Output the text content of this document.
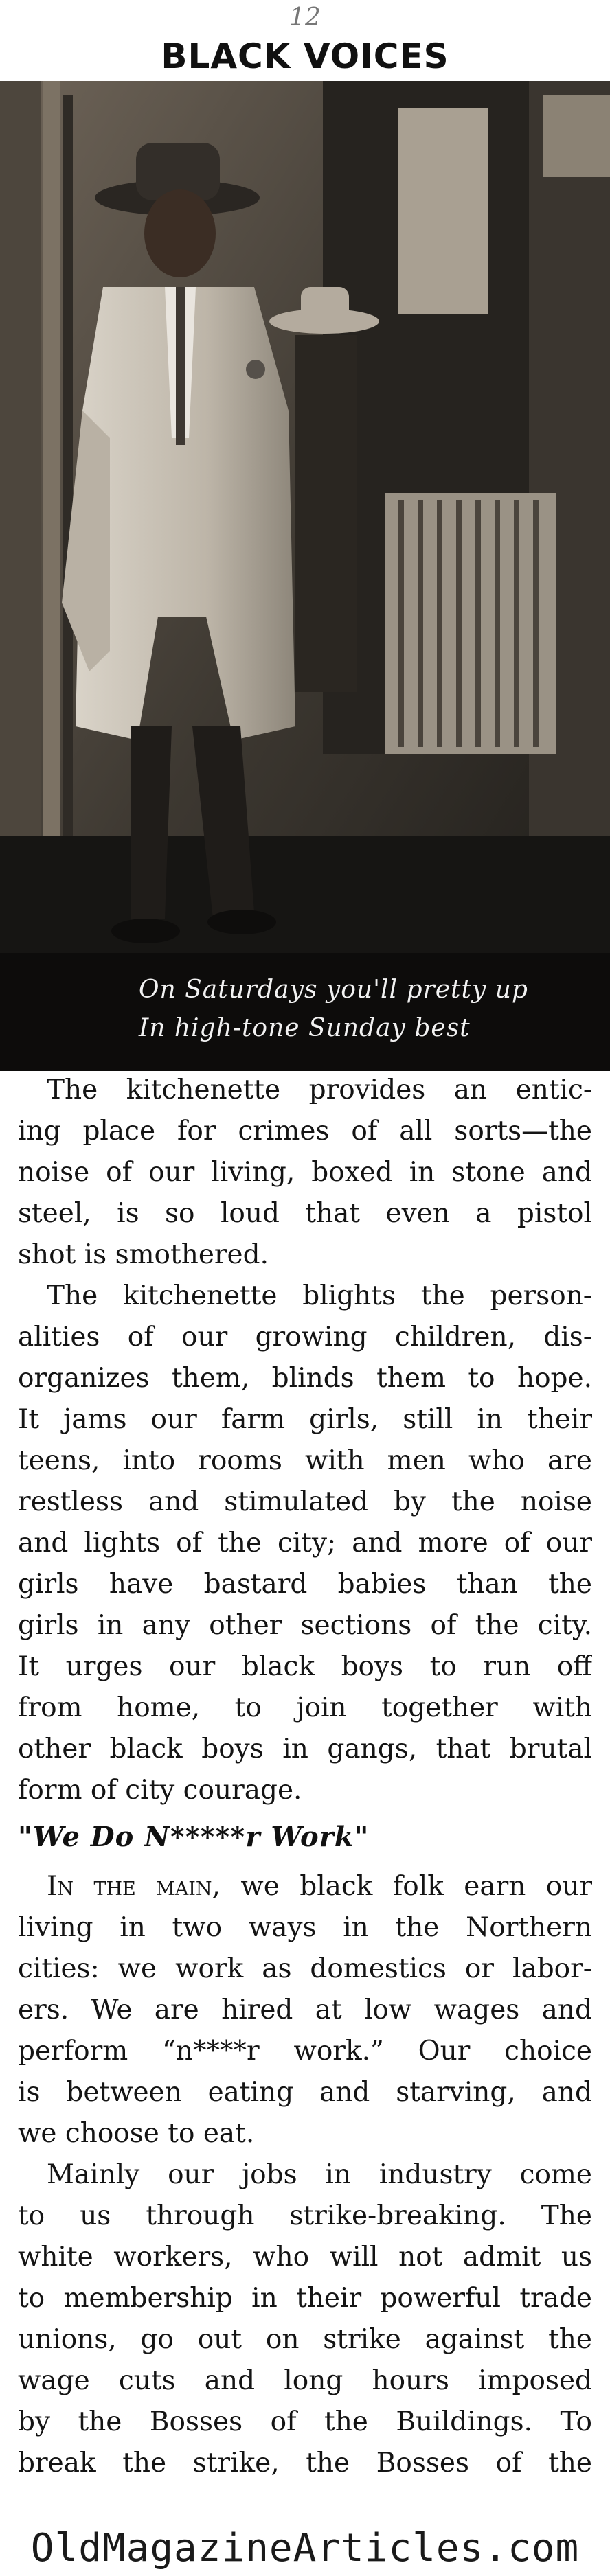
12
BLACK VOICES
On Saturdays you'll pretty up
In high-tone Sunday best
The kitchenette provides an entic-
ing place for crimes of all sorts—the
noise of our living, boxed in stone and
steel, is so loud that even a pistol
shot is smothered.
The kitchenette blights the person-
alities of our growing children, dis-
organizes them, blinds them to hope.
It jams our farm girls, still in their
teens, into rooms with men who are
restless and stimulated by the noise
and lights of the city; and more of our
girls have bastard babies than the
girls in any other sections of the city.
It urges our black boys to run off
from home, to join together with
other black boys in gangs, that brutal
form of city courage.
"We Do N*****r Work"
In the main, we black folk earn our
living in two ways in the Northern
cities: we work as domestics or labor-
ers. We are hired at low wages and
perform “n****r work.” Our choice
is between eating and starving, and
we choose to eat.
Mainly our jobs in industry come
to us through strike-breaking. The
white workers, who will not admit us
to membership in their powerful trade
unions, go out on strike against the
wage cuts and long hours imposed
by the Bosses of the Buildings. To
break the strike, the Bosses of the
OldMagazineArticles.com
